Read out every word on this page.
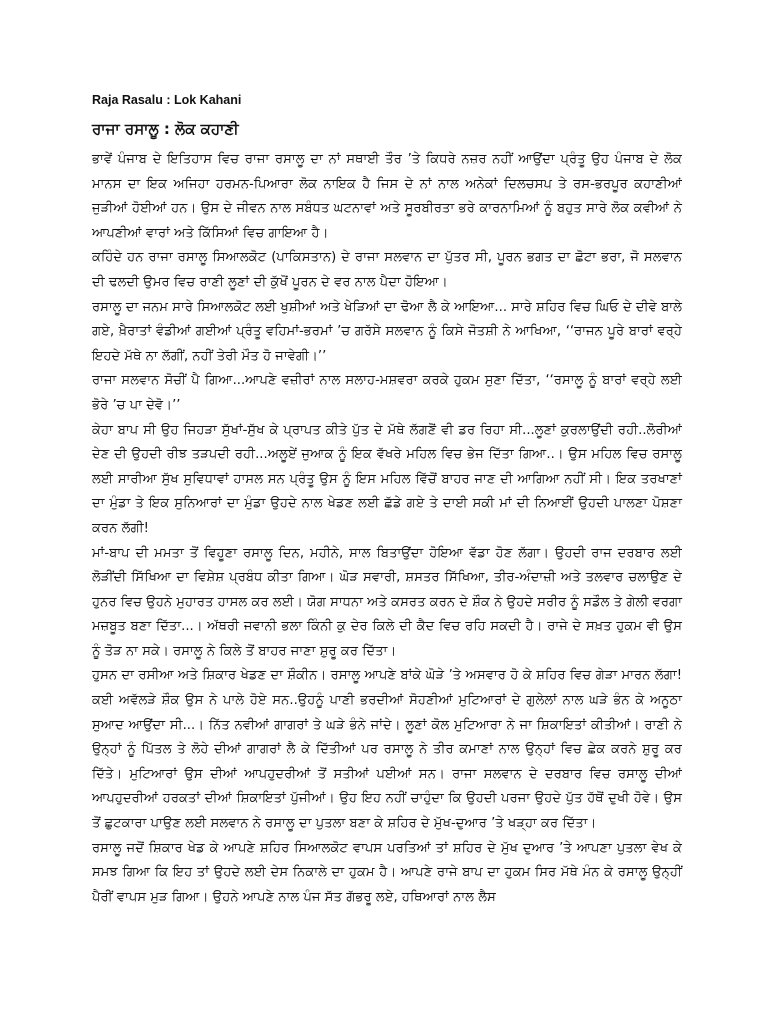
Raja Rasalu : Lok Kahani
ਰਾਜਾ ਰਸਾਲੂ : ਲੋਕ ਕਹਾਣੀ

ਭਾਵੇਂ ਪੰਜਾਬ ਦੇ ਇਤਿਹਾਸ ਵਿਚ ਰਾਜਾ ਰਸਾਲੂ ਦਾ ਨਾਂ ਸਥਾਈ ਤੌਰ ’ਤੇ ਕਿਧਰੇ ਨਜ਼ਰ ਨਹੀਂ ਆਉਂਦਾ ਪ੍ਰੰਤੂ ਉਹ ਪੰਜਾਬ ਦੇ ਲੋਕ ਮਾਨਸ ਦਾ ਇਕ ਅਜਿਹਾ ਹਰਮਨ-ਪਿਆਰਾ ਲੋਕ ਨਾਇਕ ਹੈ ਜਿਸ ਦੇ ਨਾਂ ਨਾਲ ਅਨੇਕਾਂ ਦਿਲਚਸਪ ਤੇ ਰਸ-ਭਰਪੂਰ ਕਹਾਣੀਆਂ ਜੁੜੀਆਂ ਹੋਈਆਂ ਹਨ। ਉਸ ਦੇ ਜੀਵਨ ਨਾਲ ਸਬੰਧਤ ਘਟਨਾਵਾਂ ਅਤੇ ਸੂਰਬੀਰਤਾ ਭਰੇ ਕਾਰਨਾਮਿਆਂ ਨੂੰ ਬਹੁਤ ਸਾਰੇ ਲੋਕ ਕਵੀਆਂ ਨੇ ਆਪਣੀਆਂ ਵਾਰਾਂ ਅਤੇ ਕਿੱਸਿਆਂ ਵਿਚ ਗਾਇਆ ਹੈ।

ਕਹਿੰਦੇ ਹਨ ਰਾਜਾ ਰਸਾਲੂ ਸਿਆਲਕੋਟ (ਪਾਕਿਸਤਾਨ) ਦੇ ਰਾਜਾ ਸਲਵਾਨ ਦਾ ਪੁੱਤਰ ਸੀ, ਪੂਰਨ ਭਗਤ ਦਾ ਛੋਟਾ ਭਰਾ, ਜੋ ਸਲਵਾਨ ਦੀ ਢਲਦੀ ਉਮਰ ਵਿਚ ਰਾਣੀ ਲੂਣਾਂ ਦੀ ਕੁੱਖੋਂ ਪੂਰਨ ਦੇ ਵਰ ਨਾਲ ਪੈਦਾ ਹੋਇਆ।

ਰਸਾਲੂ ਦਾ ਜਨਮ ਸਾਰੇ ਸਿਆਲਕੋਟ ਲਈ ਖੁਸ਼ੀਆਂ ਅਤੇ ਖੇੜਿਆਂ ਦਾ ਢੋਆ ਲੈ ਕੇ ਆਇਆ... ਸਾਰੇ ਸ਼ਹਿਰ ਵਿਚ ਘਿਓ ਦੇ ਦੀਵੇ ਬਾਲੇ ਗਏ, ਖ਼ੈਰਾਤਾਂ ਵੰਡੀਆਂ ਗਈਆਂ ਪ੍ਰੰਤੂ ਵਹਿਮਾਂ-ਭਰਮਾਂ ’ਚ ਗਰੱਸੇ ਸਲਵਾਨ ਨੂੰ ਕਿਸੇ ਜੋਤਸ਼ੀ ਨੇ ਆਖਿਆ, ‘‘ਰਾਜਨ ਪੂਰੇ ਬਾਰਾਂ ਵਰ੍ਹੇ ਇਹਦੇ ਮੱਥੇ ਨਾ ਲੱਗੀਂ, ਨਹੀਂ ਤੇਰੀ ਮੌਤ ਹੋ ਜਾਵੇਗੀ।’’

ਰਾਜਾ ਸਲਵਾਨ ਸੋਚੀਂ ਪੈ ਗਿਆ...ਆਪਣੇ ਵਜ਼ੀਰਾਂ ਨਾਲ ਸਲਾਹ-ਮਸ਼ਵਰਾ ਕਰਕੇ ਹੁਕਮ ਸੁਣਾ ਦਿੱਤਾ, ‘‘ਰਸਾਲੂ ਨੂੰ ਬਾਰਾਂ ਵਰ੍ਹੇ ਲਈ ਭੋਰੇ ’ਚ ਪਾ ਦੇਵੋ।’’

ਕੇਹਾ ਬਾਪ ਸੀ ਉਹ ਜਿਹੜਾ ਸੁੱਖਾਂ-ਸੁੱਖ ਕੇ ਪ੍ਰਾਪਤ ਕੀਤੇ ਪੁੱਤ ਦੇ ਮੱਥੇ ਲੱਗਣੋਂ ਵੀ ਡਰ ਰਿਹਾ ਸੀ...ਲੂਣਾਂ ਕੁਰਲਾਉਂਦੀ ਰਹੀ..ਲੋਰੀਆਂ ਦੇਣ ਦੀ ਉਹਦੀ ਰੀਝ ਤੜਪਦੀ ਰਹੀ...ਅਲੂਏਂ ਜੁਆਕ ਨੂੰ ਇਕ ਵੱਖਰੇ ਮਹਿਲ ਵਿਚ ਭੇਜ ਦਿੱਤਾ ਗਿਆ..। ਉਸ ਮਹਿਲ ਵਿਚ ਰਸਾਲੂ ਲਈ ਸਾਰੀਆ ਸੁੱਖ ਸੁਵਿਧਾਵਾਂ ਹਾਸਲ ਸਨ ਪ੍ਰੰਤੂ ਉਸ ਨੂੰ ਇਸ ਮਹਿਲ ਵਿੱਚੋਂ ਬਾਹਰ ਜਾਣ ਦੀ ਆਗਿਆ ਨਹੀਂ ਸੀ। ਇਕ ਤਰਖਾਣਾਂ ਦਾ ਮੁੰਡਾ ਤੇ ਇਕ ਸੁਨਿਆਰਾਂ ਦਾ ਮੁੰਡਾ ਉਹਦੇ ਨਾਲ ਖੇਡਣ ਲਈ ਛੱਡੇ ਗਏ ਤੇ ਦਾਈ ਸਕੀ ਮਾਂ ਦੀ ਨਿਆਈਂ ਉਹਦੀ ਪਾਲਣਾ ਪੋਸ਼ਣਾ ਕਰਨ ਲੱਗੀ!

ਮਾਂ-ਬਾਪ ਦੀ ਮਮਤਾ ਤੋਂ ਵਿਹੂਣਾ ਰਸਾਲੂ ਦਿਨ, ਮਹੀਨੇ, ਸਾਲ ਬਿਤਾਉਂਦਾ ਹੋਇਆ ਵੱਡਾ ਹੋਣ ਲੱਗਾ। ਉਹਦੀ ਰਾਜ ਦਰਬਾਰ ਲਈ ਲੋੜੀਂਦੀ ਸਿੱਖਿਆ ਦਾ ਵਿਸ਼ੇਸ਼ ਪ੍ਰਬੰਧ ਕੀਤਾ ਗਿਆ। ਘੋੜ ਸਵਾਰੀ, ਸ਼ਸਤਰ ਸਿੱਖਿਆ, ਤੀਰ-ਅੰਦਾਜ਼ੀ ਅਤੇ ਤਲਵਾਰ ਚਲਾਉਣ ਦੇ ਹੁਨਰ ਵਿਚ ਉਹਨੇ ਮੁਹਾਰਤ ਹਾਸਲ ਕਰ ਲਈ। ਯੋਗ ਸਾਧਨਾ ਅਤੇ ਕਸਰਤ ਕਰਨ ਦੇ ਸ਼ੌਕ ਨੇ ਉਹਦੇ ਸਰੀਰ ਨੂੰ ਸਡੌਲ ਤੇ ਗੇਲੀ ਵਰਗਾ ਮਜ਼ਬੂਤ ਬਣਾ ਦਿੱਤਾ...। ਅੱਥਰੀ ਜਵਾਨੀ ਭਲਾ ਕਿੰਨੀ ਕੁ ਦੇਰ ਕਿਲੇ ਦੀ ਕੈਦ ਵਿਚ ਰਹਿ ਸਕਦੀ ਹੈ। ਰਾਜੇ ਦੇ ਸਖ਼ਤ ਹੁਕਮ ਵੀ ਉਸ ਨੂੰ ਤੋੜ ਨਾ ਸਕੇ। ਰਸਾਲੂ ਨੇ ਕਿਲੇ ਤੋਂ ਬਾਹਰ ਜਾਣਾ ਸ਼ੁਰੂ ਕਰ ਦਿੱਤਾ।

ਹੁਸਨ ਦਾ ਰਸੀਆ ਅਤੇ ਸ਼ਿਕਾਰ ਖੇਡਣ ਦਾ ਸ਼ੌਕੀਨ। ਰਸਾਲੂ ਆਪਣੇ ਬਾਂਕੇ ਘੋੜੇ ’ਤੇ ਅਸਵਾਰ ਹੋ ਕੇ ਸ਼ਹਿਰ ਵਿਚ ਗੇੜਾ ਮਾਰਨ ਲੱਗਾ! ਕਈ ਅਵੱਲੜੇ ਸ਼ੌਕ ਉਸ ਨੇ ਪਾਲੇ ਹੋਏ ਸਨ..ਉਹਨੂੰ ਪਾਣੀ ਭਰਦੀਆਂ ਸੋਹਣੀਆਂ ਮੁਟਿਆਰਾਂ ਦੇ ਗੁਲੇਲਾਂ ਨਾਲ ਘੜੇ ਭੰਨ ਕੇ ਅਨੂਠਾ ਸੁਆਦ ਆਉਂਦਾ ਸੀ...। ਨਿੱਤ ਨਵੀਆਂ ਗਾਗਰਾਂ ਤੇ ਘੜੇ ਭੰਨੇ ਜਾਂਦੇ। ਲੂਣਾਂ ਕੋਲ ਮੁਟਿਆਰਾ ਨੇ ਜਾ ਸ਼ਿਕਾਇਤਾਂ ਕੀਤੀਆਂ। ਰਾਣੀ ਨੇ ਉਨ੍ਹਾਂ ਨੂੰ ਪਿੱਤਲ ਤੇ ਲੋਹੇ ਦੀਆਂ ਗਾਗਰਾਂ ਲੈ ਕੇ ਦਿੱਤੀਆਂ ਪਰ ਰਸਾਲੂ ਨੇ ਤੀਰ ਕਮਾਣਾਂ ਨਾਲ ਉਨ੍ਹਾਂ ਵਿਚ ਛੇਕ ਕਰਨੇ ਸ਼ੁਰੂ ਕਰ ਦਿੱਤੇ। ਮੁਟਿਆਰਾਂ ਉਸ ਦੀਆਂ ਆਪਹੁਦਰੀਆਂ ਤੋਂ ਸਤੀਆਂ ਪਈਆਂ ਸਨ। ਰਾਜਾ ਸਲਵਾਨ ਦੇ ਦਰਬਾਰ ਵਿਚ ਰਸਾਲੂ ਦੀਆਂ ਆਪਹੁਦਰੀਆਂ ਹਰਕਤਾਂ ਦੀਆਂ ਸ਼ਿਕਾਇਤਾਂ ਪੁੱਜੀਆਂ। ਉਹ ਇਹ ਨਹੀਂ ਚਾਹੁੰਦਾ ਕਿ ਉਹਦੀ ਪਰਜਾ ਉਹਦੇ ਪੁੱਤ ਹੱਥੋਂ ਦੁਖੀ ਹੋਵੇ। ਉਸ ਤੋਂ ਛੁਟਕਾਰਾ ਪਾਉਣ ਲਈ ਸਲਵਾਨ ਨੇ ਰਸਾਲੂ ਦਾ ਪੁਤਲਾ ਬਣਾ ਕੇ ਸ਼ਹਿਰ ਦੇ ਮੁੱਖ-ਦੁਆਰ ’ਤੇ ਖੜ੍ਹਾ ਕਰ ਦਿੱਤਾ।

ਰਸਾਲੂ ਜਦੋਂ ਸ਼ਿਕਾਰ ਖੇਡ ਕੇ ਆਪਣੇ ਸ਼ਹਿਰ ਸਿਆਲਕੋਟ ਵਾਪਸ ਪਰਤਿਆਂ ਤਾਂ ਸ਼ਹਿਰ ਦੇ ਮੁੱਖ ਦੁਆਰ ’ਤੇ ਆਪਣਾ ਪੁਤਲਾ ਵੇਖ ਕੇ ਸਮਝ ਗਿਆ ਕਿ ਇਹ ਤਾਂ ਉਹਦੇ ਲਈ ਦੇਸ ਨਿਕਾਲੇ ਦਾ ਹੁਕਮ ਹੈ। ਆਪਣੇ ਰਾਜੇ ਬਾਪ ਦਾ ਹੁਕਮ ਸਿਰ ਮੱਥੇ ਮੰਨ ਕੇ ਰਸਾਲੂ ਉਨ੍ਹੀਂ ਪੈਰੀਂ ਵਾਪਸ ਮੁੜ ਗਿਆ। ਉਹਨੇ ਆਪਣੇ ਨਾਲ ਪੰਜ ਸੱਤ ਗੱਭਰੂ ਲਏ, ਹਥਿਆਰਾਂ ਨਾਲ ਲੈਸ
